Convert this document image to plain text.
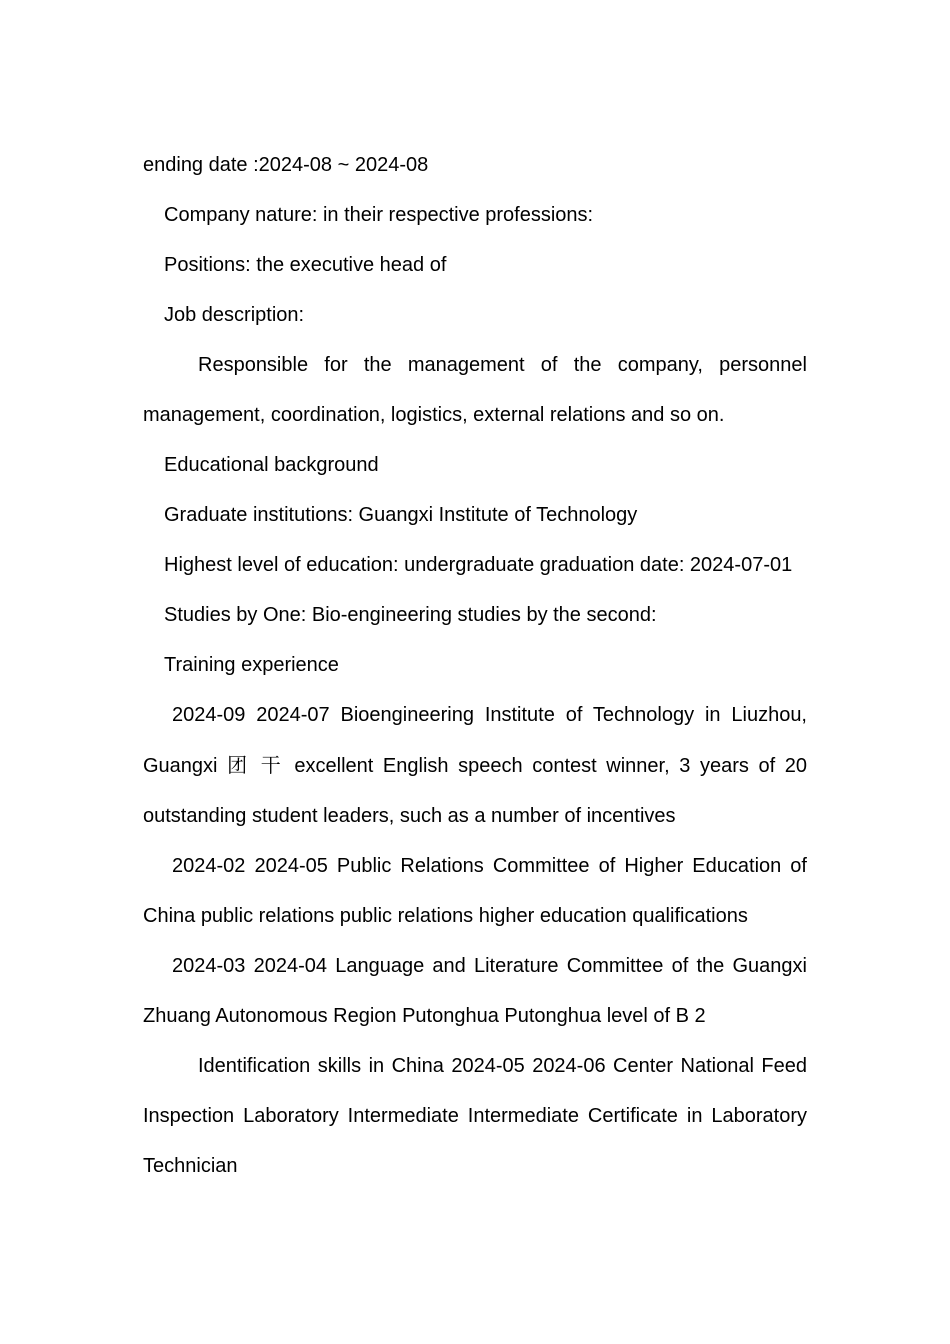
ending date :2024-08 ~ 2024-08

Company nature: in their respective professions:

Positions: the executive head of

Job description:

Responsible for the management of the company, personnel management, coordination, logistics, external relations and so on.

Educational background

Graduate institutions: Guangxi Institute of Technology

Highest level of education: undergraduate graduation date: 2024-07-01

Studies by One: Bio-engineering studies by the second:

Training experience

2024-09 2024-07 Bioengineering Institute of Technology in Liuzhou, Guangxi 团 干 excellent English speech contest winner, 3 years of 20 outstanding student leaders, such as a number of incentives

2024-02 2024-05 Public Relations Committee of Higher Education of China public relations public relations higher education qualifications

2024-03 2024-04 Language and Literature Committee of the Guangxi Zhuang Autonomous Region Putonghua Putonghua level of B 2

Identification skills in China 2024-05 2024-06 Center National Feed Inspection Laboratory Intermediate Intermediate Certificate in Laboratory Technician
